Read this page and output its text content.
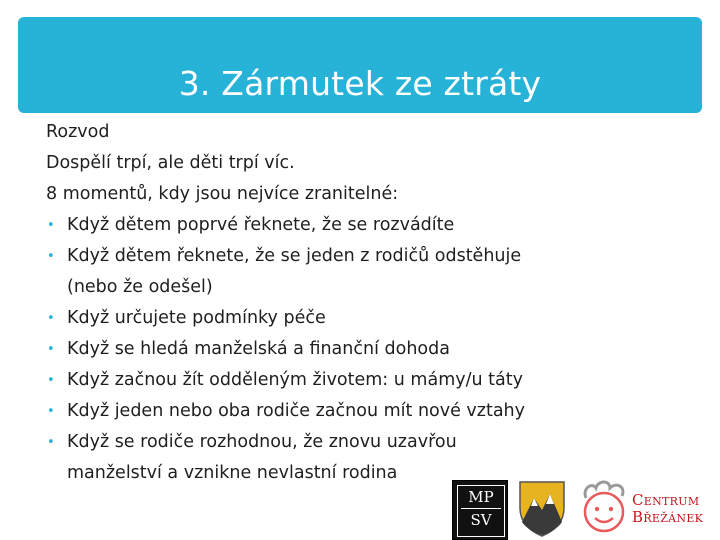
3. Zármutek ze ztráty
Rozvod
Dospělí trpí, ale děti trpí víc.
8 momentů, kdy jsou nejvíce zranitelné:
• Když dětem poprvé řeknete, že se rozvádíte
• Když dětem řeknete, že se jeden z rodičů odstěhuje
(nebo že odešel)
• Když určujete podmínky péče
• Když se hledá manželská a finanční dohoda
• Když začnou žít odděleným životem: u mámy/u táty
• Když jeden nebo oba rodiče začnou mít nové vztahy
• Když se rodiče rozhodnou, že znovu uzavřou
manželství a vznikne nevlastní rodina
MP
SV
Centrum
Břežánek
